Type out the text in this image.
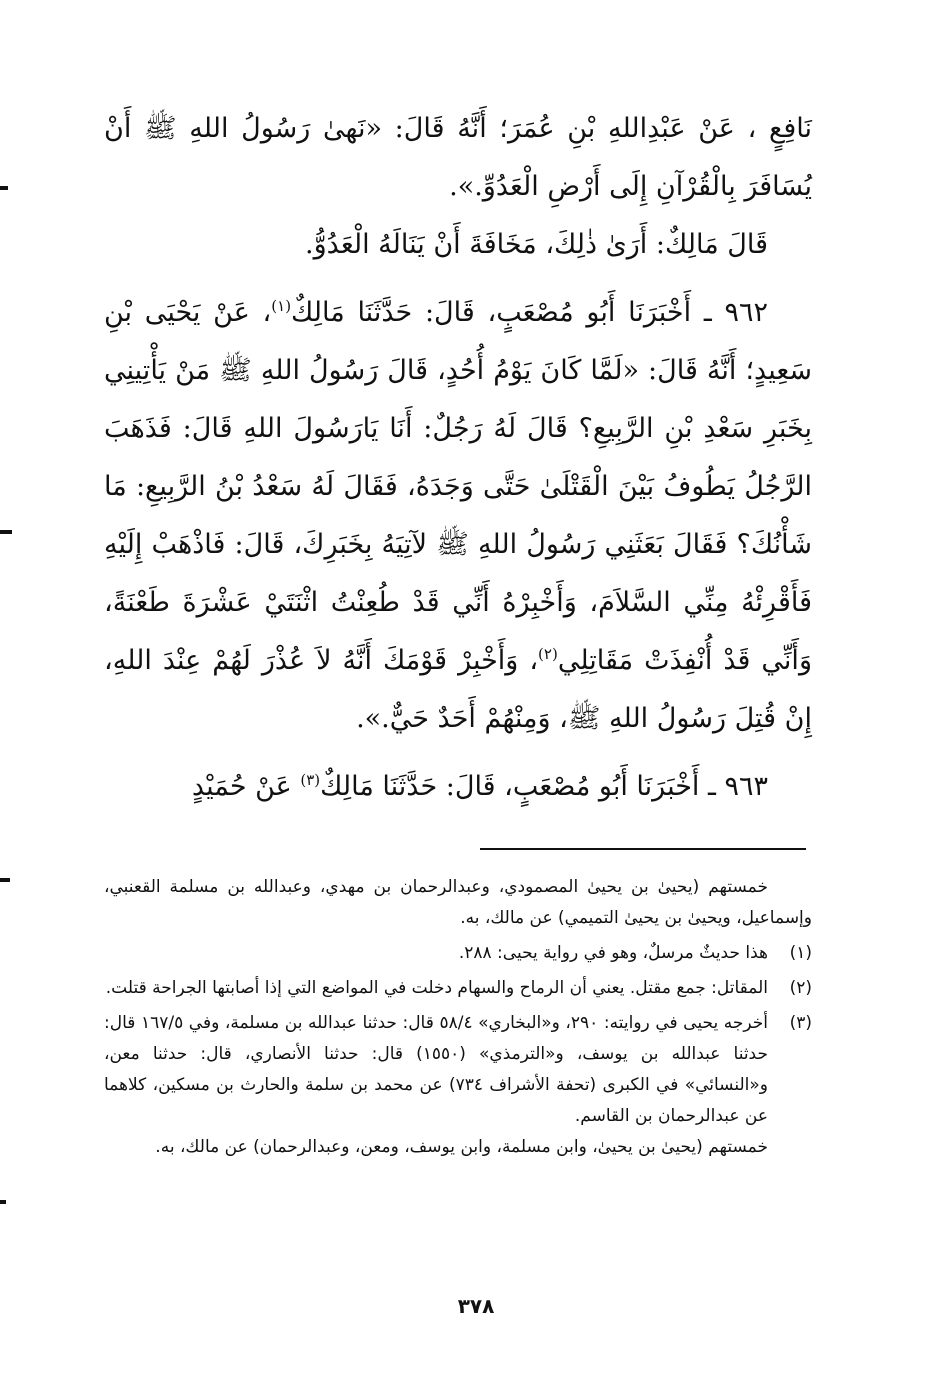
نَافِعٍ ، عَنْ عَبْدِاللهِ بْنِ عُمَرَ؛ أَنَّهُ قَالَ: «نَهىٰ رَسُولُ اللهِ ﷺ أَنْ يُسَافَرَ بِالْقُرْآنِ إِلَى أَرْضِ الْعَدُوِّ.».

قَالَ مَالِكٌ: أَرَىٰ ذٰلِكَ، مَخَافَةَ أَنْ يَنَالَهُ الْعَدُوُّ.

٩٦٢ ـ أَخْبَرَنَا أَبُو مُصْعَبٍ، قَالَ: حَدَّثَنَا مَالِكٌ$^{(١)}$، عَنْ يَحْيَى بْنِ سَعِيدٍ؛ أَنَّهُ قَالَ: «لَمَّا كَانَ يَوْمُ أُحُدٍ، قَالَ رَسُولُ اللهِ ﷺ مَنْ يَأْتِينِي بِخَبَرِ سَعْدِ بْنِ الرَّبِيعِ؟ قَالَ لَهُ رَجُلٌ: أَنَا يَارَسُولَ اللهِ قَالَ: فَذَهَبَ الرَّجُلُ يَطُوفُ بَيْنَ الْقَتْلَىٰ حَتَّى وَجَدَهُ، فَقَالَ لَهُ سَعْدُ بْنُ الرَّبِيعِ: مَا شَأْنُكَ؟ فَقَالَ بَعَثَنِي رَسُولُ اللهِ ﷺ لآتِيَهُ بِخَبَرِكَ، قَالَ: فَاذْهَبْ إِلَيْهِ فَأَقْرِئْهُ مِنِّي السَّلاَمَ، وَأَخْبِرْهُ أَنِّي قَدْ طُعِنْتُ اثْنَتَيْ عَشْرَةَ طَعْنَةً، وَأَنِّي قَدْ أُنْفِذَتْ مَقَاتِلِي$^{(٢)}$، وَأَخْبِرْ قَوْمَكَ أَنَّهُ لاَ عُذْرَ لَهُمْ عِنْدَ اللهِ، إِنْ قُتِلَ رَسُولُ اللهِ ﷺ، وَمِنْهُمْ أَحَدٌ حَيٌّ.».

٩٦٣ ـ أَخْبَرَنَا أَبُو مُصْعَبٍ، قَالَ: حَدَّثَنَا مَالِكٌ$^{(٣)}$ عَنْ حُمَيْدٍ

خمستهم (يحيىٰ بن يحيىٰ المصمودي، وعبدالرحمان بن مهدي، وعبدالله بن مسلمة القعنبي، وإسماعيل، ويحيىٰ بن يحيىٰ التميمي) عن مالك، به.

(١)
هذا حديثٌ مرسلٌ، وهو في رواية يحيى: ٢٨٨.
(٢)
المقاتل: جمع مقتل. يعني أن الرماح والسهام دخلت في المواضع التي إذا أصابتها الجراحة قتلت.
(٣)
أخرجه يحيى في روايته: ٢٩٠، و«البخاري» ٥٨/٤ قال: حدثنا عبدالله بن مسلمة، وفي ١٦٧/٥ قال: حدثنا عبدالله بن يوسف، و«الترمذي» (١٥٥٠) قال: حدثنا الأنصاري، قال: حدثنا معن، و«النسائي» في الكبرى (تحفة الأشراف ٧٣٤) عن محمد بن سلمة والحارث بن مسكين، كلاهما عن عبدالرحمان بن القاسم.

خمستهم (يحيىٰ بن يحيىٰ، وابن مسلمة، وابن يوسف، ومعن، وعبدالرحمان) عن مالك، به.

٣٧٨
